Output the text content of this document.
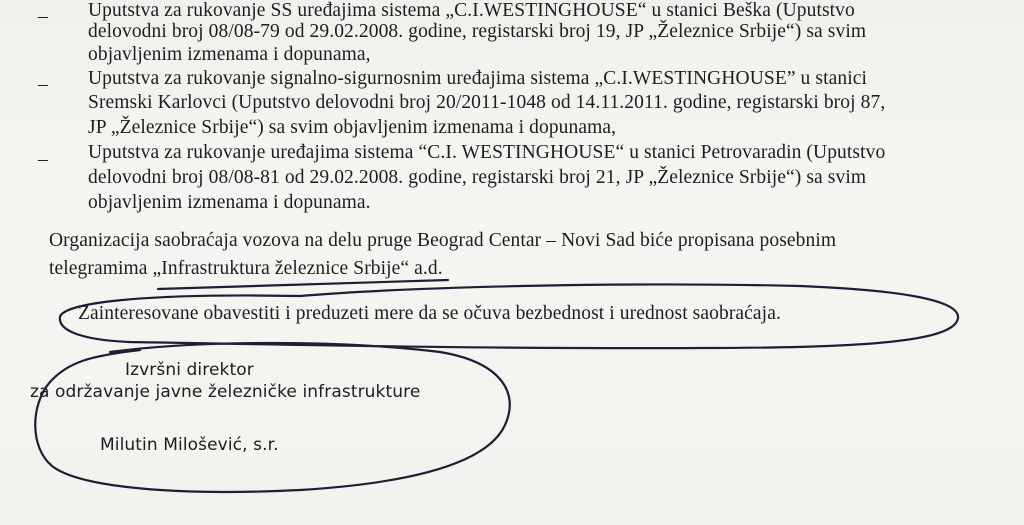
– Uputstva za rukovanje SS uređajima sistema „C.I.WESTINGHOUSE“ u stanici Beška (Uputstvo
delovodni broj 08/08-79 od 29.02.2008. godine, registarski broj 19, JP „Železnice Srbije“) sa svim
objavljenim izmenama i dopunama,
– Uputstva za rukovanje signalno-sigurnosnim uređajima sistema „C.I.WESTINGHOUSE” u stanici
Sremski Karlovci (Uputstvo delovodni broj 20/2011-1048 od 14.11.2011. godine, registarski broj 87,
JP „Železnice Srbije“) sa svim objavljenim izmenama i dopunama,
– Uputstva za rukovanje uređajima sistema “C.I. WESTINGHOUSE“ u stanici Petrovaradin (Uputstvo
delovodni broj 08/08-81 od 29.02.2008. godine, registarski broj 21, JP „Železnice Srbije“) sa svim
objavljenim izmenama i dopunama.
Organizacija saobraćaja vozova na delu pruge Beograd Centar – Novi Sad biće propisana posebnim
telegramima „Infrastruktura železnice Srbije“ a.d.
Zainteresovane obavestiti i preduzeti mere da se očuva bezbednost i urednost saobraćaja.
Izvršni direktor
za održavanje javne železničke infrastrukture
Milutin Milošević, s.r.
